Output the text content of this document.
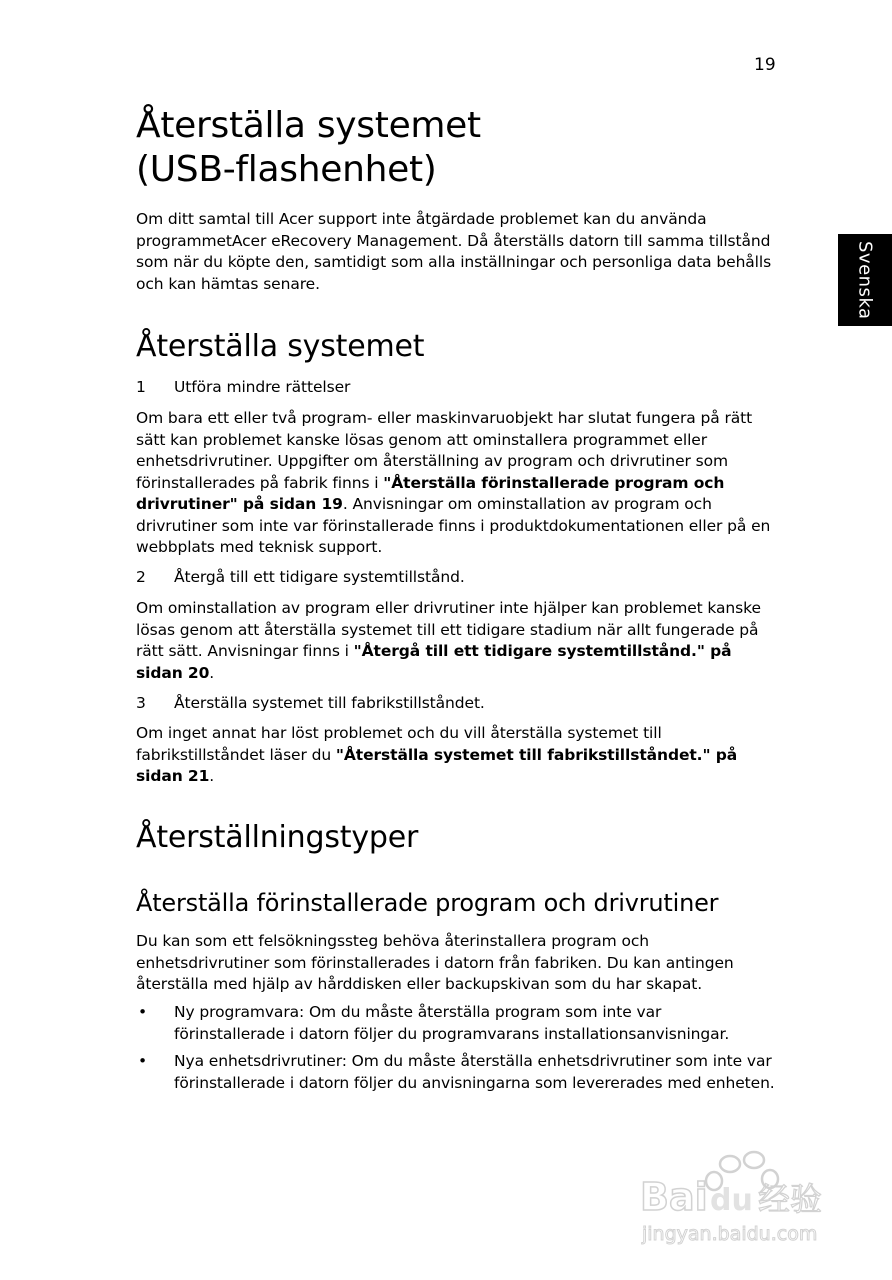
19
Svenska
Återställa systemet
(USB-flashenhet)

Om ditt samtal till Acer support inte åtgärdade problemet kan du använda programmetAcer eRecovery Management. Då återställs datorn till samma tillstånd som när du köpte den, samtidigt som alla inställningar och personliga data behålls och kan hämtas senare.

Återställa systemet
1 Utföra mindre rättelser

Om bara ett eller två program- eller maskinvaruobjekt har slutat fungera på rätt sätt kan problemet kanske lösas genom att ominstallera programmet eller enhetsdrivrutiner. Uppgifter om återställning av program och drivrutiner som förinstallerades på fabrik finns i "Återställa förinstallerade program och drivrutiner" på sidan 19. Anvisningar om ominstallation av program och drivrutiner som inte var förinstallerade finns i produktdokumentationen eller på en webbplats med teknisk support.

2 Återgå till ett tidigare systemtillstånd.

Om ominstallation av program eller drivrutiner inte hjälper kan problemet kanske lösas genom att återställa systemet till ett tidigare stadium när allt fungerade på rätt sätt. Anvisningar finns i "Återgå till ett tidigare systemtillstånd." på sidan 20.

3 Återställa systemet till fabrikstillståndet.

Om inget annat har löst problemet och du vill återställa systemet till fabrikstillståndet läser du "Återställa systemet till fabrikstillståndet." på sidan 21.

Återställningstyper
Återställa förinstallerade program och drivrutiner

Du kan som ett felsökningssteg behöva återinstallera program och enhetsdrivrutiner som förinstallerades i datorn från fabriken. Du kan antingen återställa med hjälp av hårddisken eller backupskivan som du har skapat.

• Ny programvara: Om du måste återställa program som inte var förinstallerade i datorn följer du programvarans installationsanvisningar.
• Nya enhetsdrivrutiner: Om du måste återställa enhetsdrivrutiner som inte var förinstallerade i datorn följer du anvisningarna som levererades med enheten.
Bai du 经验
jingyan.baidu.com
